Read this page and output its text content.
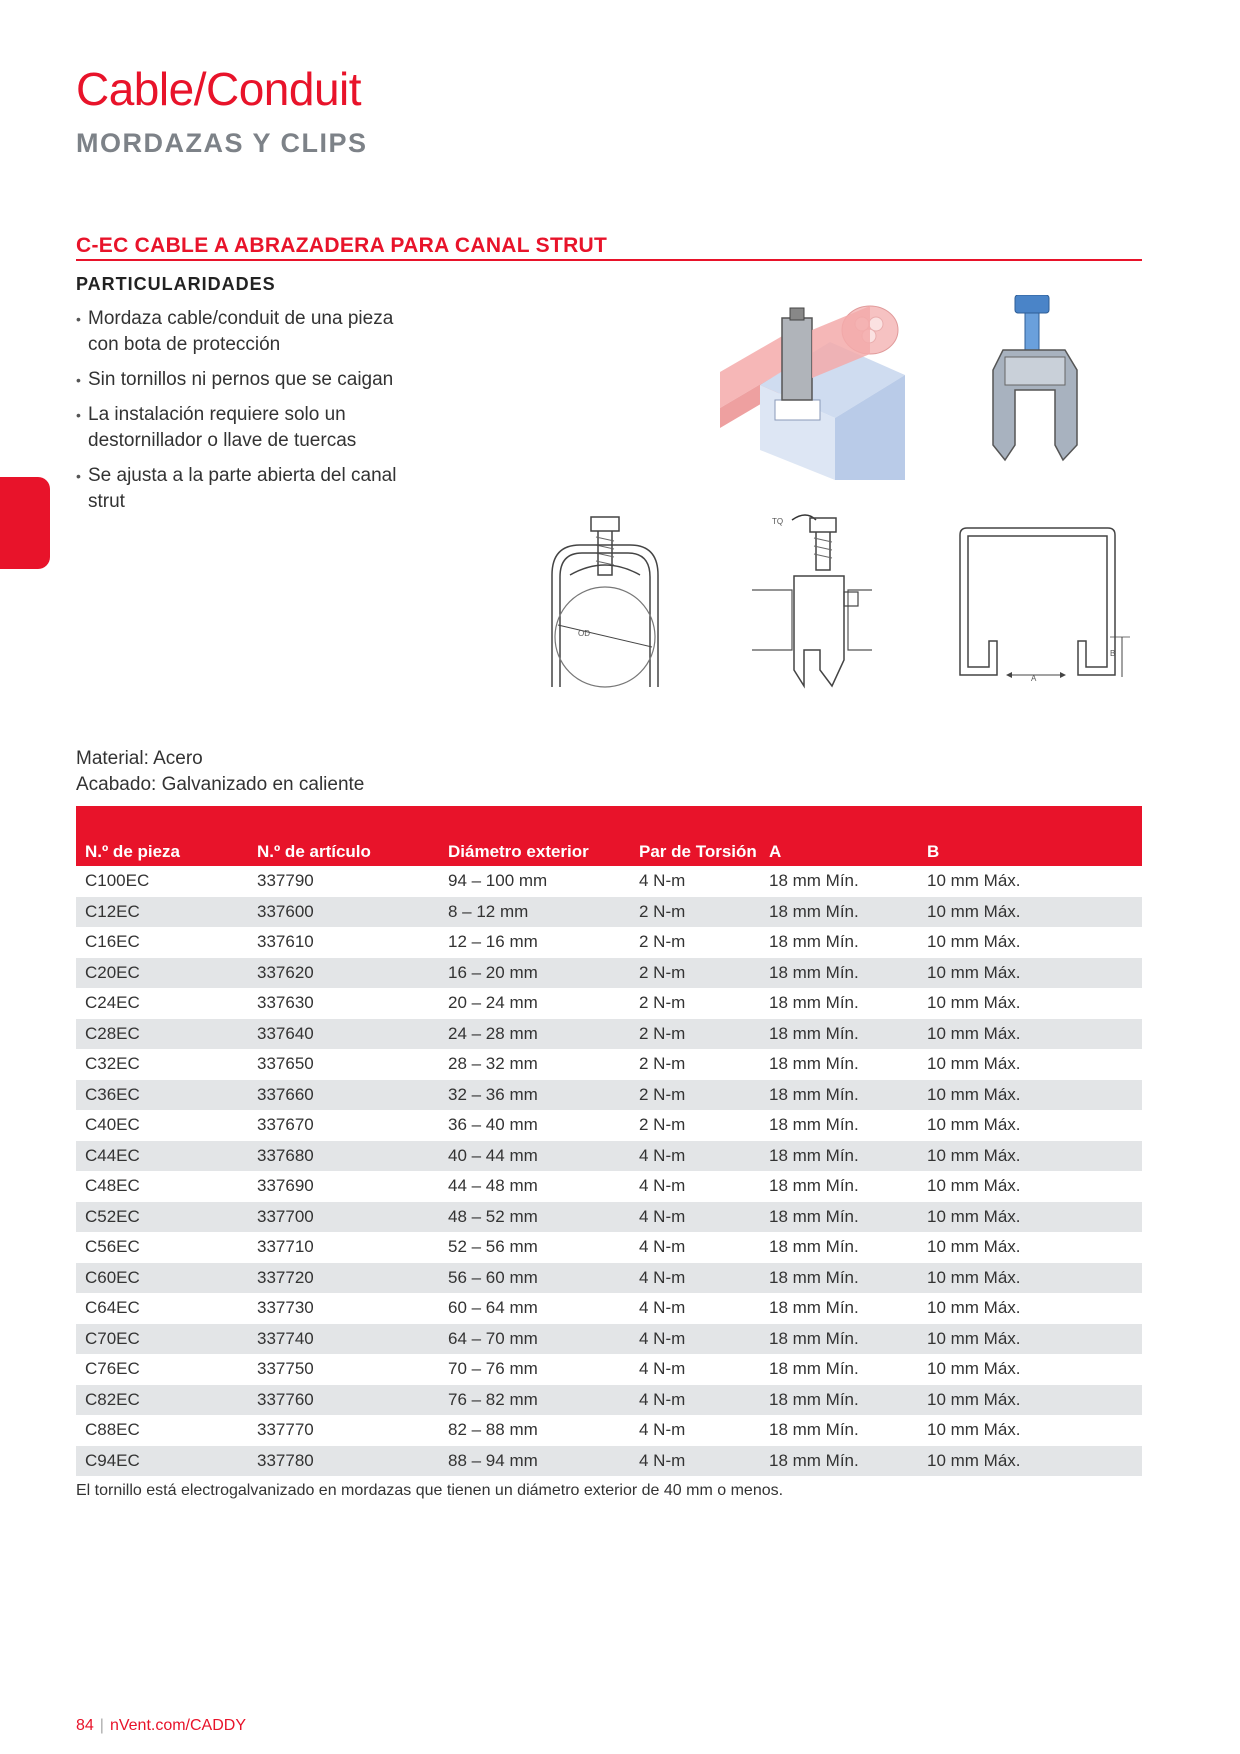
Cable/Conduit
MORDAZAS Y CLIPS
C-EC CABLE A ABRAZADERA PARA CANAL STRUT
PARTICULARIDADES
• Mordaza cable/conduit de una pieza con bota de protección
• Sin tornillos ni pernos que se caigan
• La instalación requiere solo un destornillador o llave de tuercas
• Se ajusta a la parte abierta del canal strut
OD
TQ
A
B
Material: Acero
Acabado: Galvanizado en caliente
N.º de pieza	N.º de artículo	Diámetro exterior	Par de Torsión	A	B
C100EC	337790	94 – 100 mm	4 N-m	18 mm Mín.	10 mm Máx.
C12EC	337600	8 – 12 mm	2 N-m	18 mm Mín.	10 mm Máx.
C16EC	337610	12 – 16 mm	2 N-m	18 mm Mín.	10 mm Máx.
C20EC	337620	16 – 20 mm	2 N-m	18 mm Mín.	10 mm Máx.
C24EC	337630	20 – 24 mm	2 N-m	18 mm Mín.	10 mm Máx.
C28EC	337640	24 – 28 mm	2 N-m	18 mm Mín.	10 mm Máx.
C32EC	337650	28 – 32 mm	2 N-m	18 mm Mín.	10 mm Máx.
C36EC	337660	32 – 36 mm	2 N-m	18 mm Mín.	10 mm Máx.
C40EC	337670	36 – 40 mm	2 N-m	18 mm Mín.	10 mm Máx.
C44EC	337680	40 – 44 mm	4 N-m	18 mm Mín.	10 mm Máx.
C48EC	337690	44 – 48 mm	4 N-m	18 mm Mín.	10 mm Máx.
C52EC	337700	48 – 52 mm	4 N-m	18 mm Mín.	10 mm Máx.
C56EC	337710	52 – 56 mm	4 N-m	18 mm Mín.	10 mm Máx.
C60EC	337720	56 – 60 mm	4 N-m	18 mm Mín.	10 mm Máx.
C64EC	337730	60 – 64 mm	4 N-m	18 mm Mín.	10 mm Máx.
C70EC	337740	64 – 70 mm	4 N-m	18 mm Mín.	10 mm Máx.
C76EC	337750	70 – 76 mm	4 N-m	18 mm Mín.	10 mm Máx.
C82EC	337760	76 – 82 mm	4 N-m	18 mm Mín.	10 mm Máx.
C88EC	337770	82 – 88 mm	4 N-m	18 mm Mín.	10 mm Máx.
C94EC	337780	88 – 94 mm	4 N-m	18 mm Mín.	10 mm Máx.
El tornillo está electrogalvanizado en mordazas que tienen un diámetro exterior de 40 mm o menos.
84 | nVent.com/CADDY
